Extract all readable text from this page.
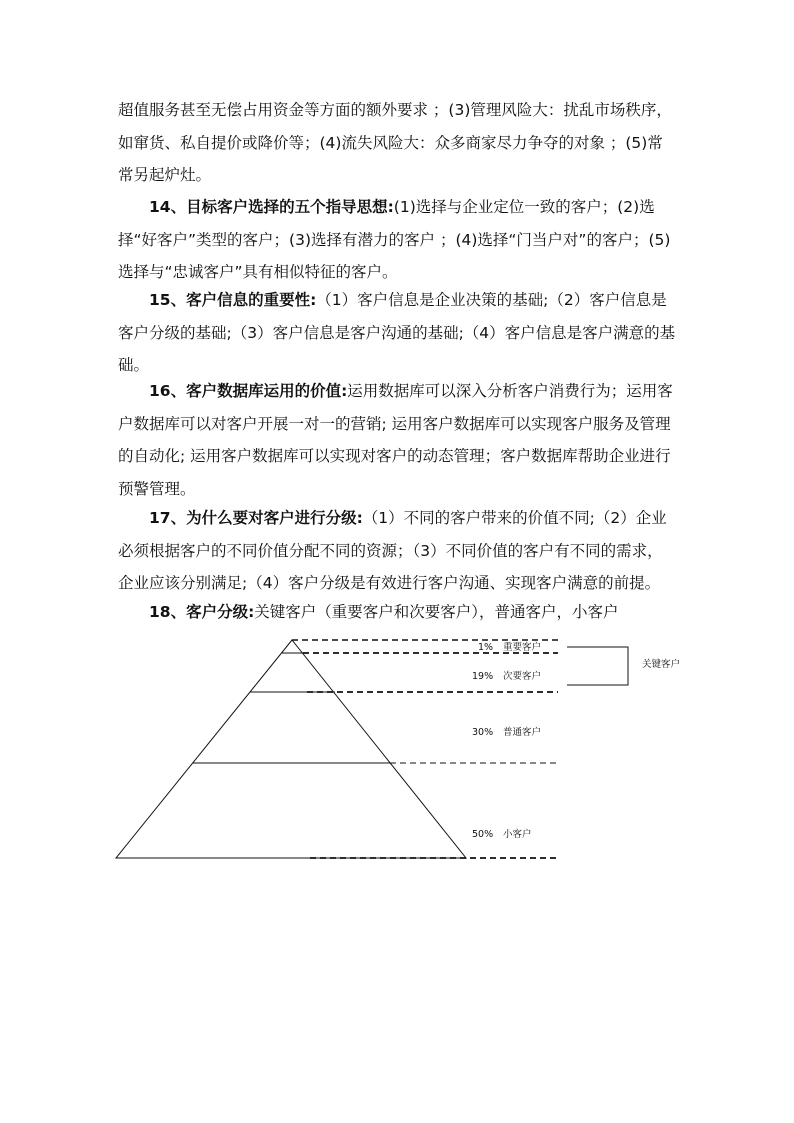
超值服务甚至无偿占用资金等方面的额外要求 ；(3)管理风险大：扰乱市场秩序，如窜货、私自提价或降价等；(4)流失风险大：众多商家尽力争夺的对象 ；(5)常常另起炉灶。

14、目标客户选择的五个指导思想:(1)选择与企业定位一致的客户；(2)选择“好客户”类型的客户；(3)选择有潜力的客户 ；(4)选择“门当户对”的客户；(5)选择与“忠诚客户”具有相似特征的客户。

15、客户信息的重要性:（1）客户信息是企业决策的基础;（2）客户信息是客户分级的基础;（3）客户信息是客户沟通的基础;（4）客户信息是客户满意的基础。

16、客户数据库运用的价值:运用数据库可以深入分析客户消费行为；运用客户数据库可以对客户开展一对一的营销; 运用客户数据库可以实现客户服务及管理的自动化; 运用客户数据库可以实现对客户的动态管理；客户数据库帮助企业进行预警管理。

17、为什么要对客户进行分级:（1）不同的客户带来的价值不同;（2）企业必须根据客户的不同价值分配不同的资源；（3）不同价值的客户有不同的需求，企业应该分别满足;（4）客户分级是有效进行客户沟通、实现客户满意的前提。

18、客户分级:关键客户（重要客户和次要客户），普通客户，小客户

关键客户
1% 重要客户
19% 次要客户
30% 普通客户
50% 小客户
